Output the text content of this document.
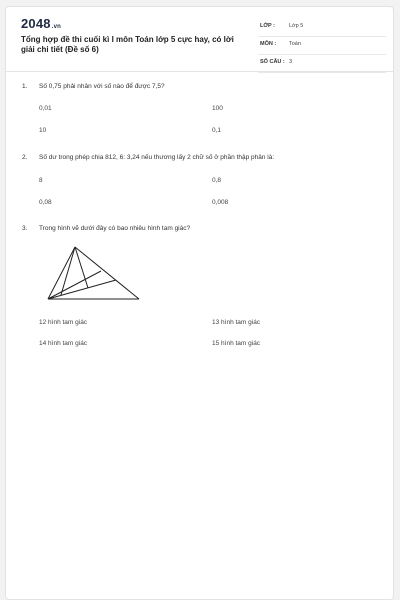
2048.vn
Tổng hợp đề thi cuối kì I môn Toán lớp 5 cực hay, có lời giải chi tiết (Đề số 6)
LỚP :	Lớp 5
MÔN : Toán
SỐ CÂU : 3
1. Số 0,75 phải nhân với số nào để được 7,5?
0,01	100
10	0,1
2. Số dư trong phép chia 812, 6: 3,24 nếu thương lấy 2 chữ số ở phần thập phân là:
8	0,8
0,08	0,008
3. Trong hình vẽ dưới đây có bao nhiêu hình tam giác?
12 hình tam giác	13 hình tam giác
14 hình tam giác	15 hình tam giác
